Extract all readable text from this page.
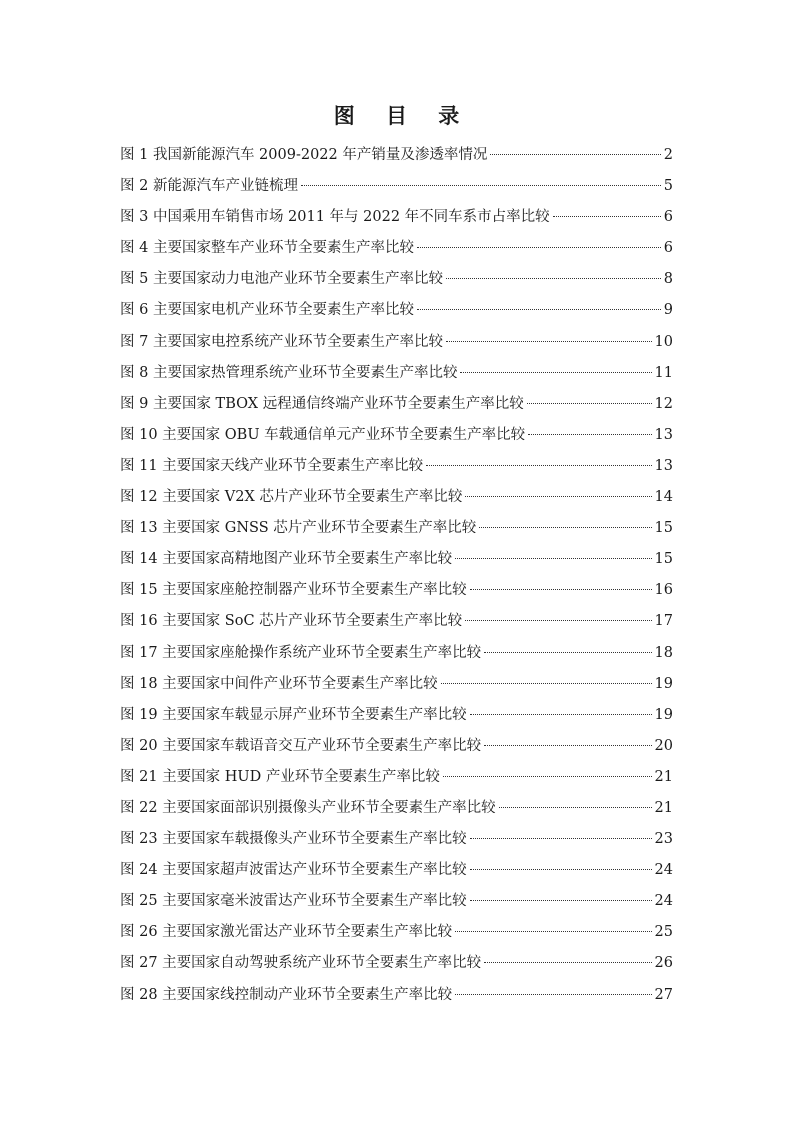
图 目 录
图 1 我国新能源汽车 2009-2022 年产销量及渗透率情况	2
图 2 新能源汽车产业链梳理	5
图 3 中国乘用车销售市场 2011 年与 2022 年不同车系市占率比较	6
图 4 主要国家整车产业环节全要素生产率比较	6
图 5 主要国家动力电池产业环节全要素生产率比较	8
图 6 主要国家电机产业环节全要素生产率比较	9
图 7 主要国家电控系统产业环节全要素生产率比较	10
图 8 主要国家热管理系统产业环节全要素生产率比较	11
图 9 主要国家 TBOX 远程通信终端产业环节全要素生产率比较	12
图 10 主要国家 OBU 车载通信单元产业环节全要素生产率比较	13
图 11 主要国家天线产业环节全要素生产率比较	13
图 12 主要国家 V2X 芯片产业环节全要素生产率比较	14
图 13 主要国家 GNSS 芯片产业环节全要素生产率比较	15
图 14 主要国家高精地图产业环节全要素生产率比较	15
图 15 主要国家座舱控制器产业环节全要素生产率比较	16
图 16 主要国家 SoC 芯片产业环节全要素生产率比较	17
图 17 主要国家座舱操作系统产业环节全要素生产率比较	18
图 18 主要国家中间件产业环节全要素生产率比较	19
图 19 主要国家车载显示屏产业环节全要素生产率比较	19
图 20 主要国家车载语音交互产业环节全要素生产率比较	20
图 21 主要国家 HUD 产业环节全要素生产率比较	21
图 22 主要国家面部识别摄像头产业环节全要素生产率比较	21
图 23 主要国家车载摄像头产业环节全要素生产率比较	23
图 24 主要国家超声波雷达产业环节全要素生产率比较	24
图 25 主要国家毫米波雷达产业环节全要素生产率比较	24
图 26 主要国家激光雷达产业环节全要素生产率比较	25
图 27 主要国家自动驾驶系统产业环节全要素生产率比较	26
图 28 主要国家线控制动产业环节全要素生产率比较	27
